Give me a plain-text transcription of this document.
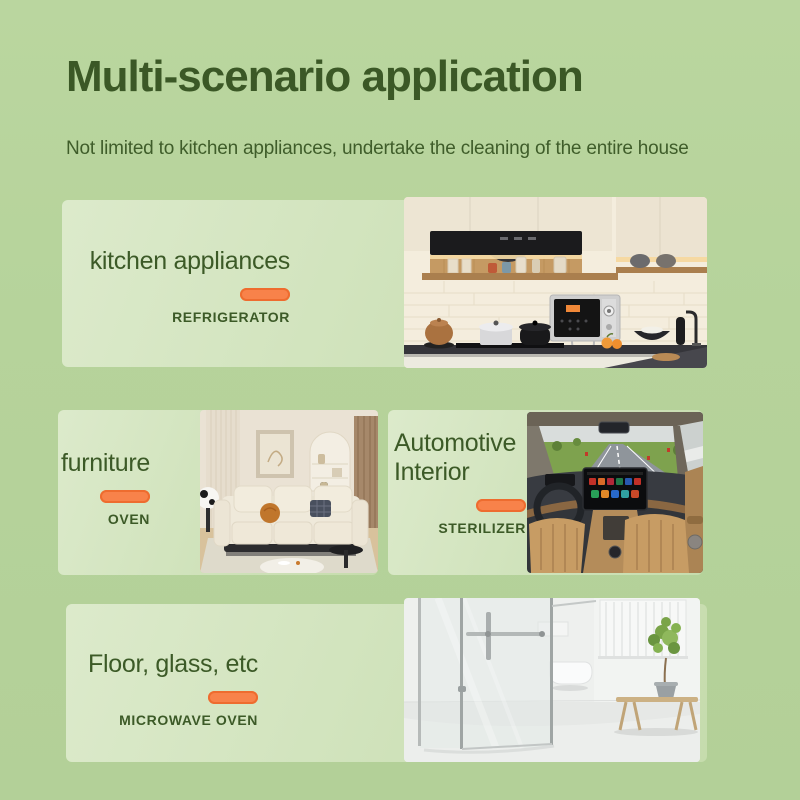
Multi-scenario application

Not limited to kitchen appliances, undertake the cleaning of the entire house

kitchen appliances
REFRIGERATOR
furniture
OVEN
Automotive Interior
STERILIZER
Floor, glass, etc
MICROWAVE OVEN
